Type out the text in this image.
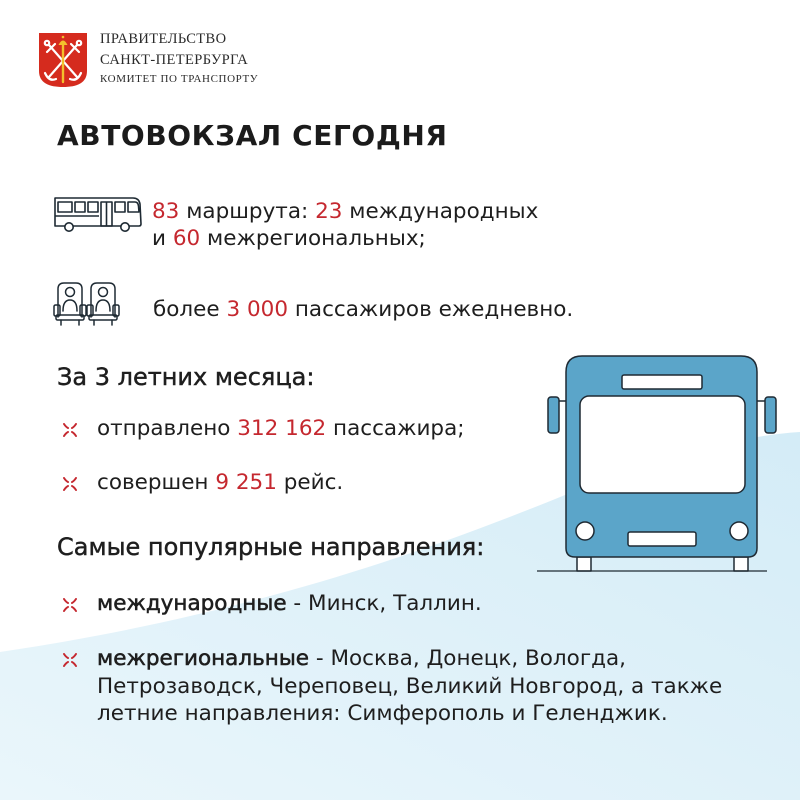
ПРАВИТЕЛЬСТВО
САНКТ-ПЕТЕРБУРГА
КОМИТЕТ ПО ТРАНСПОРТУ
АВТОВОКЗАЛ СЕГОДНЯ
83 маршрута: 23 международных
и 60 межрегиональных;
более 3 000 пассажиров ежедневно.
За 3 летних месяца:
отправлено 312 162 пассажира;
совершен 9 251 рейс.
Самые популярные направления:
международные - Минск, Таллин.
межрегиональные - Москва, Донецк, Вологда,
Петрозаводск, Череповец, Великий Новгород, а также
летние направления: Симферополь и Геленджик.
